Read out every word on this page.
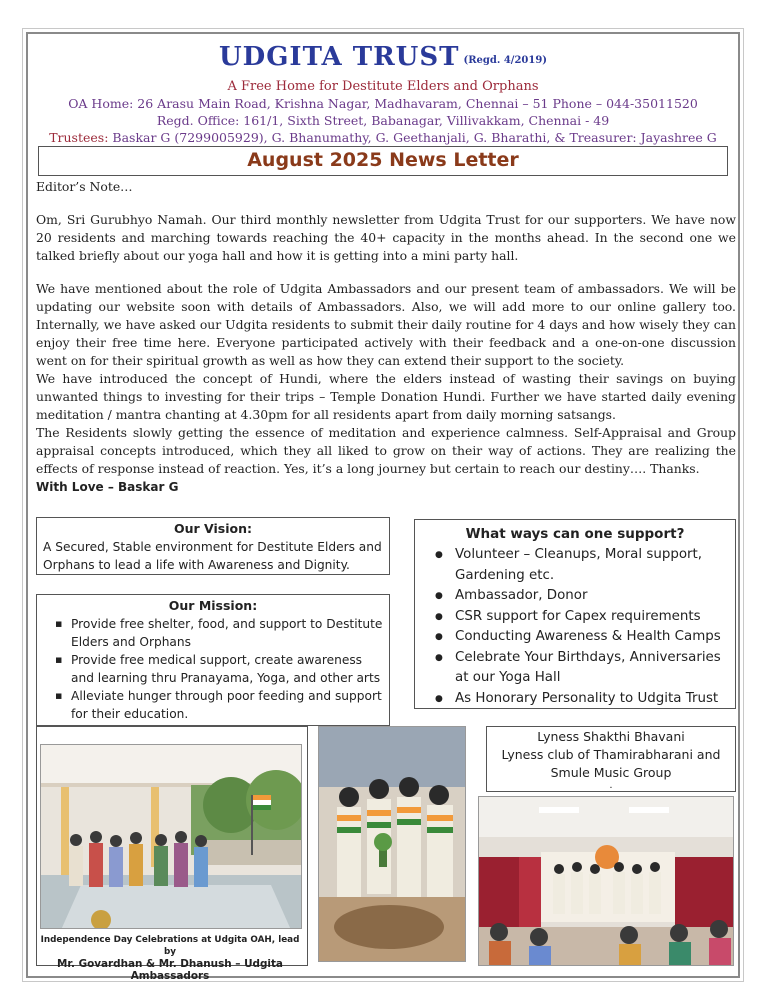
UDGITA TRUST (Regd. 4/2019)
A Free Home for Destitute Elders and Orphans
OA Home: 26 Arasu Main Road, Krishna Nagar, Madhavaram, Chennai – 51 Phone – 044-35011520
Regd. Office: 161/1, Sixth Street, Babanagar, Villivakkam, Chennai - 49
Trustees: Baskar G (7299005929), G. Bhanumathy, G. Geethanjali, G. Bharathi, & Treasurer: Jayashree G
August 2025 News Letter

Editor’s Note…

Om, Sri Gurubhyo Namah. Our third monthly newsletter from Udgita Trust for our supporters. We have now 20 residents and marching towards reaching the 40+ capacity in the months ahead. In the second one we talked briefly about our yoga hall and how it is getting into a mini party hall.

We have mentioned about the role of Udgita Ambassadors and our present team of ambassadors. We will be updating our website soon with details of Ambassadors. Also, we will add more to our online gallery too. Internally, we have asked our Udgita residents to submit their daily routine for 4 days and how wisely they can enjoy their free time here. Everyone participated actively with their feedback and a one-on-one discussion went on for their spiritual growth as well as how they can extend their support to the society.

We have introduced the concept of Hundi, where the elders instead of wasting their savings on buying unwanted things to investing for their trips – Temple Donation Hundi. Further we have started daily evening meditation / mantra chanting at 4.30pm for all residents apart from daily morning satsangs.

The Residents slowly getting the essence of meditation and experience calmness. Self-Appraisal and Group appraisal concepts introduced, which they all liked to grow on their way of actions. They are realizing the effects of response instead of reaction. Yes, it’s a long journey but certain to reach our destiny…. Thanks.

With Love – Baskar G

Our Vision:
A Secured, Stable environment for Destitute Elders and Orphans to lead a life with Awareness and Dignity.
Our Mission:
▪ Provide free shelter, food, and support to Destitute Elders and Orphans
▪ Provide free medical support, create awareness and learning thru Pranayama, Yoga, and other arts
▪ Alleviate hunger through poor feeding and support for their education.
What ways can one support?
● Volunteer – Cleanups, Moral support, Gardening etc.
● Ambassador, Donor
● CSR support for Capex requirements
● Conducting Awareness & Health Camps
● Celebrate Your Birthdays, Anniversaries at our Yoga Hall
● As Honorary Personality to Udgita Trust
Independence Day Celebrations at Udgita OAH, lead by
Mr. Govardhan & Mr. Dhanush – Udgita Ambassadors
Lyness Shakthi Bhavani
Lyness club of Thamirabharani and
Smule Music Group
.
